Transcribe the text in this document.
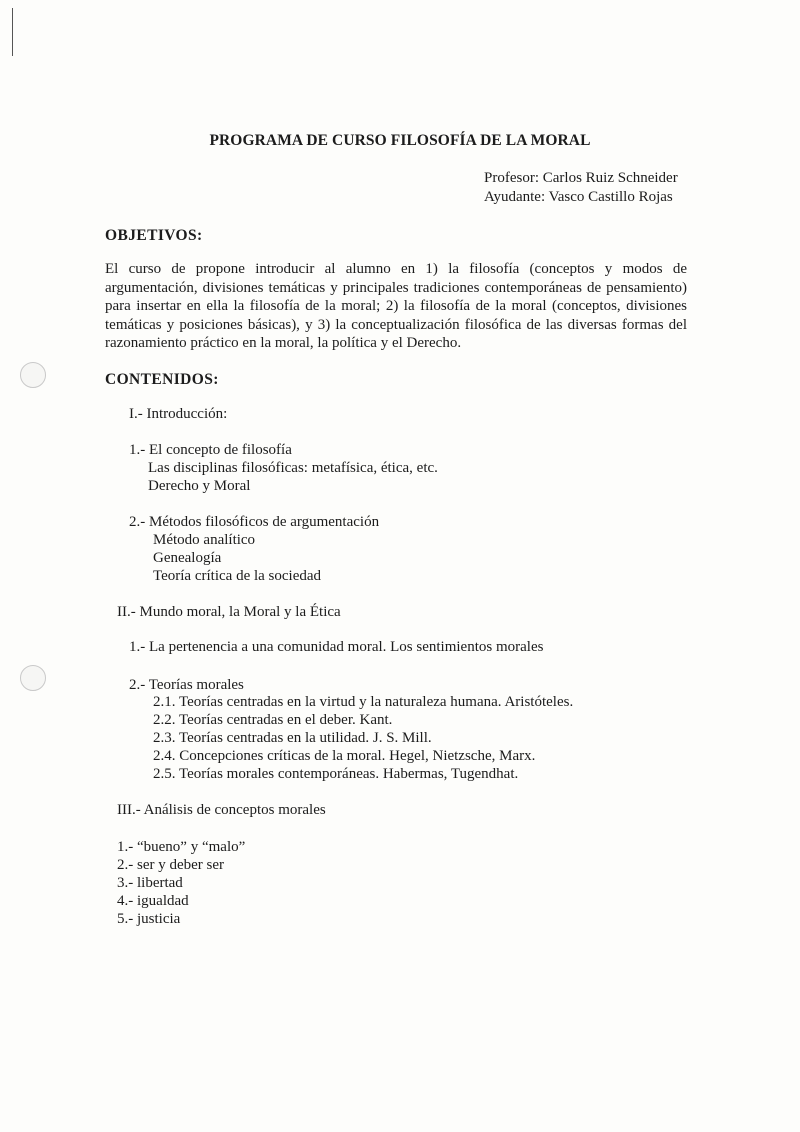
PROGRAMA DE CURSO FILOSOFÍA DE LA MORAL
Profesor: Carlos Ruiz Schneider
Ayudante: Vasco Castillo Rojas
OBJETIVOS:
El curso de propone introducir al alumno en 1) la filosofía (conceptos y modos de argumentación, divisiones temáticas y principales tradiciones contemporáneas de pensamiento) para insertar en ella la filosofía de la moral; 2) la filosofía de la moral (conceptos, divisiones temáticas y posiciones básicas), y 3) la conceptualización filosófica de las diversas formas del razonamiento práctico en la moral, la política y el Derecho.
CONTENIDOS:
I.- Introducción:
1.- El concepto de filosofía
Las disciplinas filosóficas: metafísica, ética, etc.
Derecho y Moral
2.- Métodos filosóficos de argumentación
Método analítico
Genealogía
Teoría crítica de la sociedad
II.- Mundo moral, la Moral y la Ética
1.- La pertenencia a una comunidad moral. Los sentimientos morales
2.- Teorías morales
2.1. Teorías centradas en la virtud y la naturaleza humana. Aristóteles.
2.2. Teorías centradas en el deber. Kant.
2.3. Teorías centradas en la utilidad. J. S. Mill.
2.4. Concepciones críticas de la moral. Hegel, Nietzsche, Marx.
2.5. Teorías morales contemporáneas. Habermas, Tugendhat.
III.- Análisis de conceptos morales
1.- “bueno” y “malo”
2.- ser y deber ser
3.- libertad
4.- igualdad
5.- justicia
